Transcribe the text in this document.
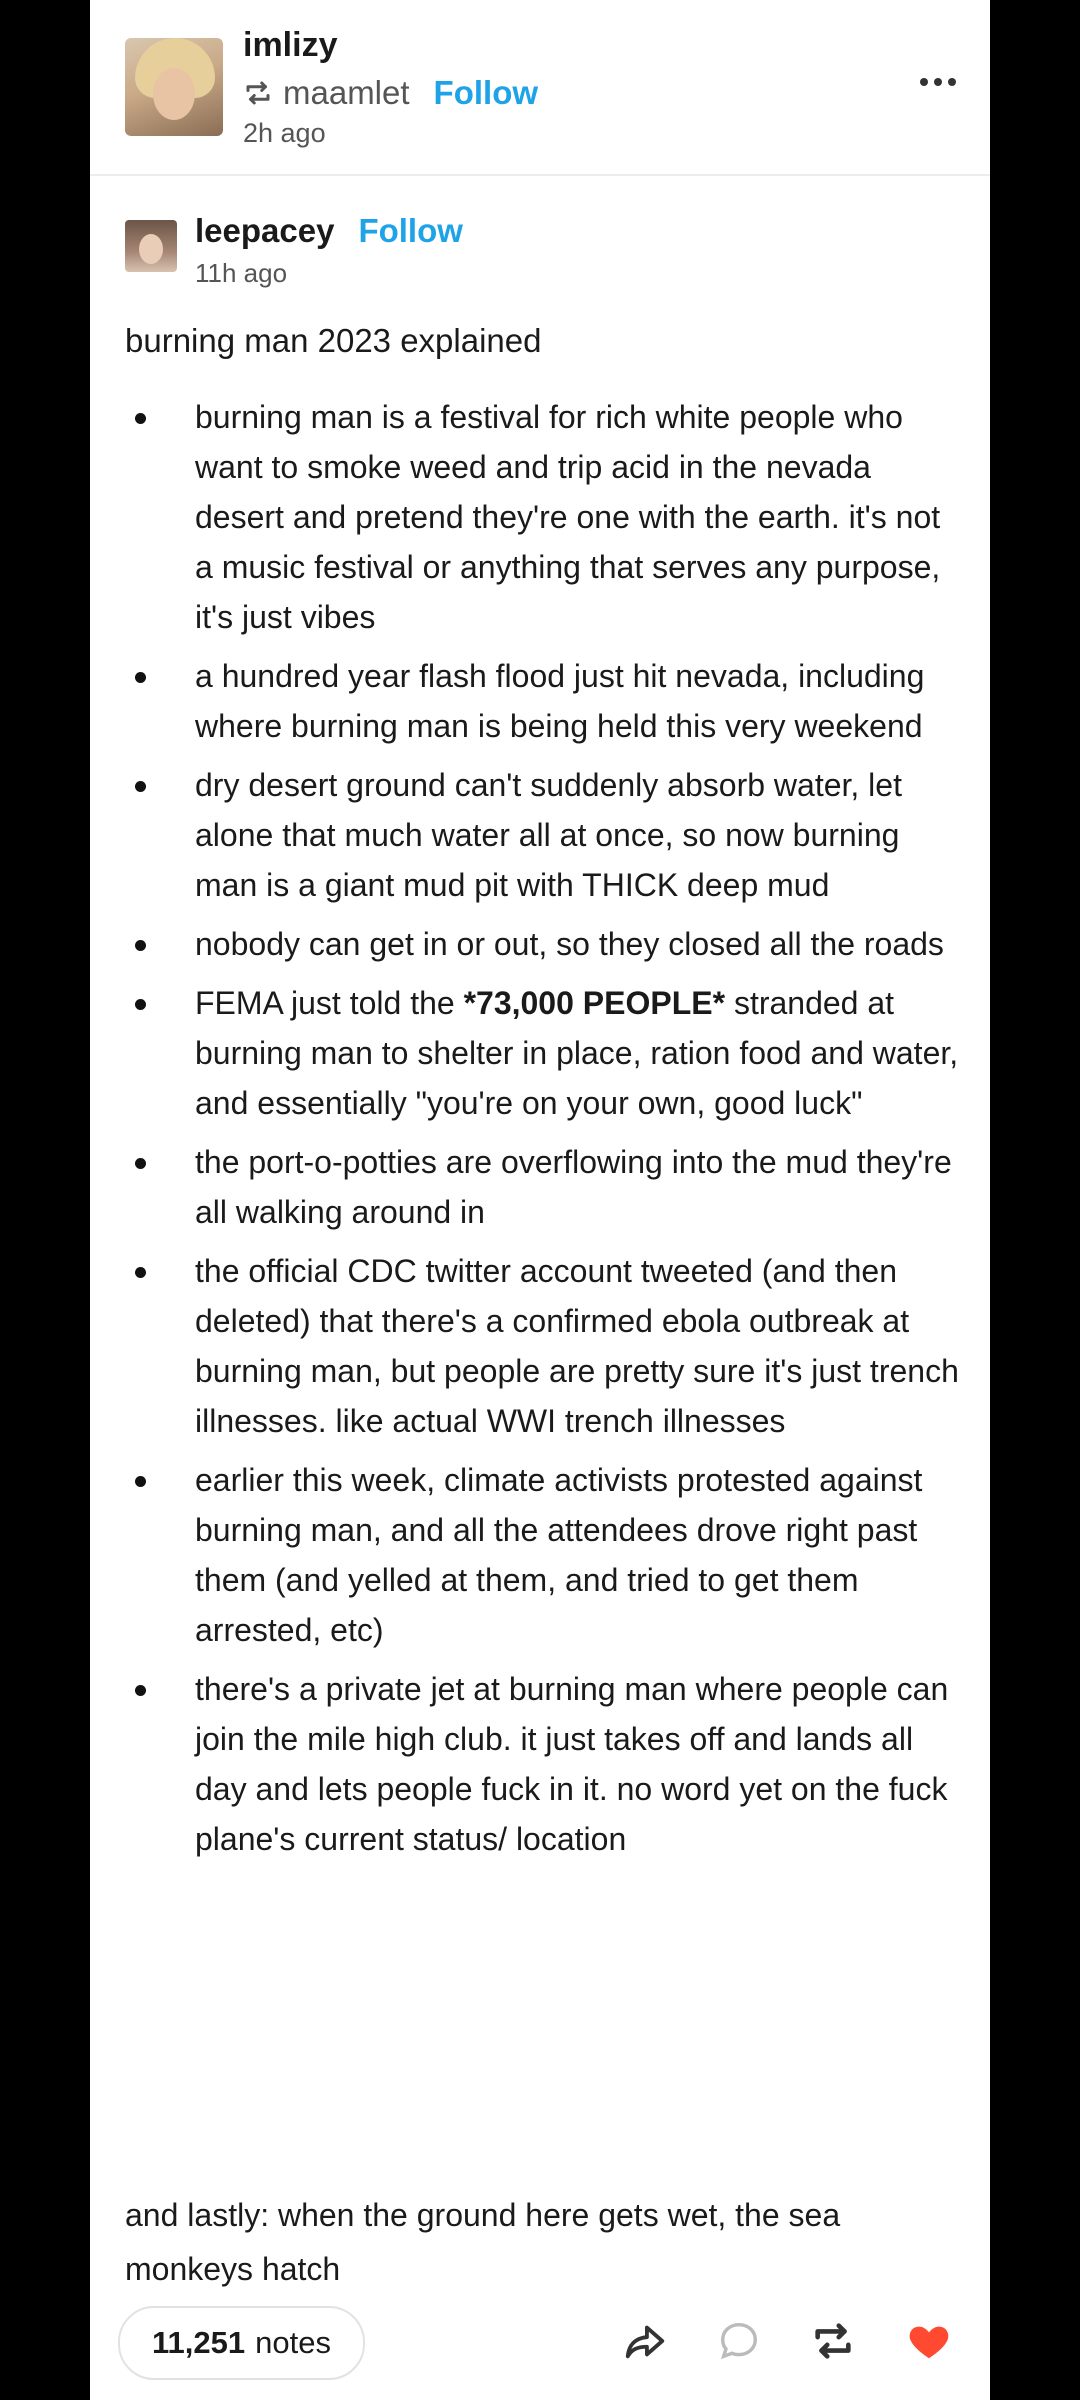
imlizy
maamlet Follow
2h ago
leepacey Follow
11h ago
burning man 2023 explained
burning man is a festival for rich white people who want to smoke weed and trip acid in the nevada desert and pretend they're one with the earth. it's not a music festival or anything that serves any purpose, it's just vibes
a hundred year flash flood just hit nevada, including where burning man is being held this very weekend
dry desert ground can't suddenly absorb water, let alone that much water all at once, so now burning man is a giant mud pit with THICK deep mud
nobody can get in or out, so they closed all the roads
FEMA just told the *73,000 PEOPLE* stranded at burning man to shelter in place, ration food and water, and essentially "you're on your own, good luck"
the port-o-potties are overflowing into the mud they're all walking around in
the official CDC twitter account tweeted (and then deleted) that there's a confirmed ebola outbreak at burning man, but people are pretty sure it's just trench illnesses. like actual WWI trench illnesses
earlier this week, climate activists protested against burning man, and all the attendees drove right past them (and yelled at them, and tried to get them arrested, etc)
there's a private jet at burning man where people can join the mile high club. it just takes off and lands all day and lets people fuck in it. no word yet on the fuck plane's current status/ location
and lastly: when the ground here gets wet, the sea monkeys hatch
11,251 notes
